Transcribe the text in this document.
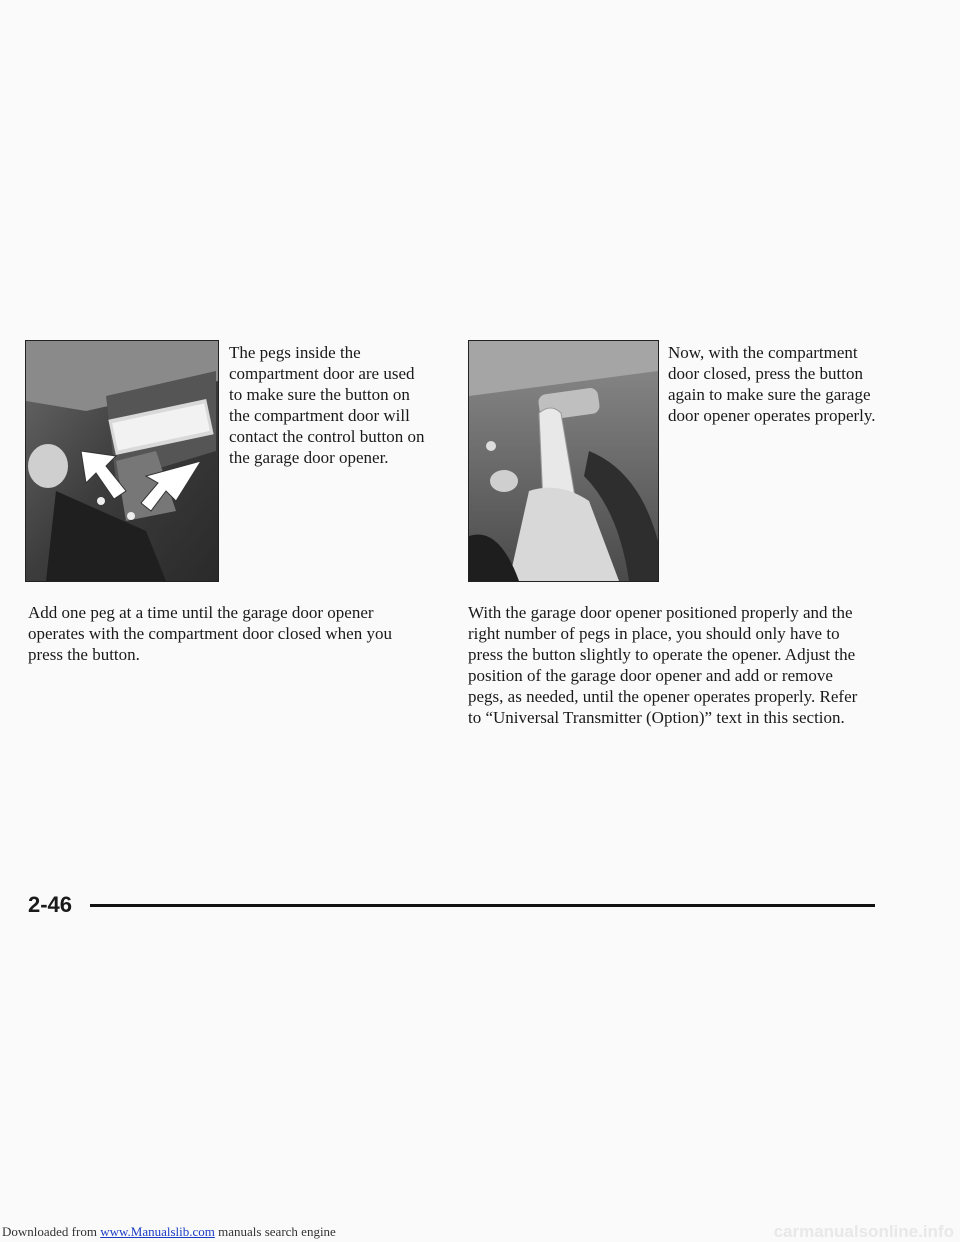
The pegs inside the compartment door are used to make sure the button on the compartment door will contact the control button on the garage door opener.

Add one peg at a time until the garage door opener operates with the compartment door closed when you press the button.

Now, with the compartment door closed, press the button again to make sure the garage door opener operates properly.

With the garage door opener positioned properly and the right number of pegs in place, you should only have to press the button slightly to operate the opener. Adjust the position of the garage door opener and add or remove pegs, as needed, until the opener operates properly. Refer to “Universal Transmitter (Option)” text in this section.

2-46
Downloaded from www.Manualslib.com manuals search engine	carmanualsonline.info
